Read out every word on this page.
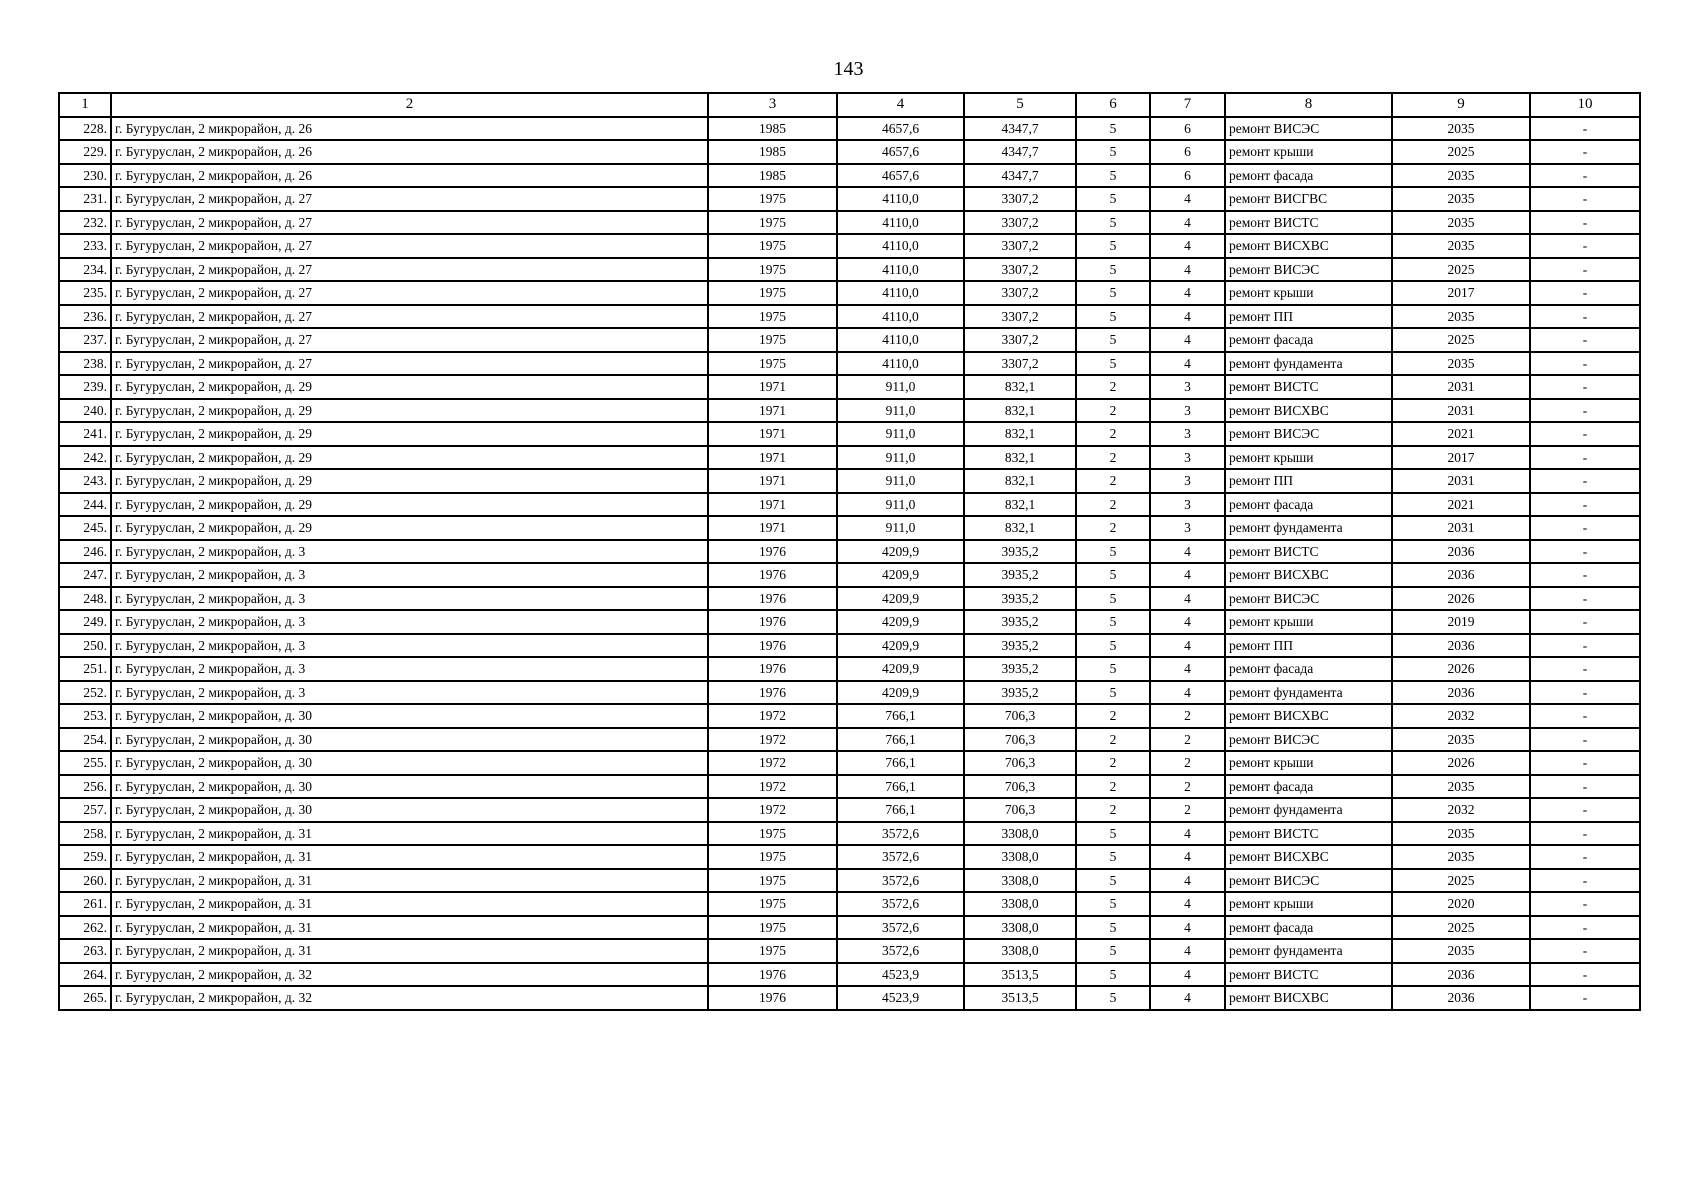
143
1	2	3	4	5	6	7	8	9	10
228.	г. Бугуруслан, 2 микрорайон, д. 26	1985	4657,6	4347,7	5	6	ремонт ВИСЭС	2035	-
229.	г. Бугуруслан, 2 микрорайон, д. 26	1985	4657,6	4347,7	5	6	ремонт крыши	2025	-
230.	г. Бугуруслан, 2 микрорайон, д. 26	1985	4657,6	4347,7	5	6	ремонт фасада	2035	-
231.	г. Бугуруслан, 2 микрорайон, д. 27	1975	4110,0	3307,2	5	4	ремонт ВИСГВС	2035	-
232.	г. Бугуруслан, 2 микрорайон, д. 27	1975	4110,0	3307,2	5	4	ремонт ВИСТС	2035	-
233.	г. Бугуруслан, 2 микрорайон, д. 27	1975	4110,0	3307,2	5	4	ремонт ВИСХВС	2035	-
234.	г. Бугуруслан, 2 микрорайон, д. 27	1975	4110,0	3307,2	5	4	ремонт ВИСЭС	2025	-
235.	г. Бугуруслан, 2 микрорайон, д. 27	1975	4110,0	3307,2	5	4	ремонт крыши	2017	-
236.	г. Бугуруслан, 2 микрорайон, д. 27	1975	4110,0	3307,2	5	4	ремонт ПП	2035	-
237.	г. Бугуруслан, 2 микрорайон, д. 27	1975	4110,0	3307,2	5	4	ремонт фасада	2025	-
238.	г. Бугуруслан, 2 микрорайон, д. 27	1975	4110,0	3307,2	5	4	ремонт фундамента	2035	-
239.	г. Бугуруслан, 2 микрорайон, д. 29	1971	911,0	832,1	2	3	ремонт ВИСТС	2031	-
240.	г. Бугуруслан, 2 микрорайон, д. 29	1971	911,0	832,1	2	3	ремонт ВИСХВС	2031	-
241.	г. Бугуруслан, 2 микрорайон, д. 29	1971	911,0	832,1	2	3	ремонт ВИСЭС	2021	-
242.	г. Бугуруслан, 2 микрорайон, д. 29	1971	911,0	832,1	2	3	ремонт крыши	2017	-
243.	г. Бугуруслан, 2 микрорайон, д. 29	1971	911,0	832,1	2	3	ремонт ПП	2031	-
244.	г. Бугуруслан, 2 микрорайон, д. 29	1971	911,0	832,1	2	3	ремонт фасада	2021	-
245.	г. Бугуруслан, 2 микрорайон, д. 29	1971	911,0	832,1	2	3	ремонт фундамента	2031	-
246.	г. Бугуруслан, 2 микрорайон, д. 3	1976	4209,9	3935,2	5	4	ремонт ВИСТС	2036	-
247.	г. Бугуруслан, 2 микрорайон, д. 3	1976	4209,9	3935,2	5	4	ремонт ВИСХВС	2036	-
248.	г. Бугуруслан, 2 микрорайон, д. 3	1976	4209,9	3935,2	5	4	ремонт ВИСЭС	2026	-
249.	г. Бугуруслан, 2 микрорайон, д. 3	1976	4209,9	3935,2	5	4	ремонт крыши	2019	-
250.	г. Бугуруслан, 2 микрорайон, д. 3	1976	4209,9	3935,2	5	4	ремонт ПП	2036	-
251.	г. Бугуруслан, 2 микрорайон, д. 3	1976	4209,9	3935,2	5	4	ремонт фасада	2026	-
252.	г. Бугуруслан, 2 микрорайон, д. 3	1976	4209,9	3935,2	5	4	ремонт фундамента	2036	-
253.	г. Бугуруслан, 2 микрорайон, д. 30	1972	766,1	706,3	2	2	ремонт ВИСХВС	2032	-
254.	г. Бугуруслан, 2 микрорайон, д. 30	1972	766,1	706,3	2	2	ремонт ВИСЭС	2035	-
255.	г. Бугуруслан, 2 микрорайон, д. 30	1972	766,1	706,3	2	2	ремонт крыши	2026	-
256.	г. Бугуруслан, 2 микрорайон, д. 30	1972	766,1	706,3	2	2	ремонт фасада	2035	-
257.	г. Бугуруслан, 2 микрорайон, д. 30	1972	766,1	706,3	2	2	ремонт фундамента	2032	-
258.	г. Бугуруслан, 2 микрорайон, д. 31	1975	3572,6	3308,0	5	4	ремонт ВИСТС	2035	-
259.	г. Бугуруслан, 2 микрорайон, д. 31	1975	3572,6	3308,0	5	4	ремонт ВИСХВС	2035	-
260.	г. Бугуруслан, 2 микрорайон, д. 31	1975	3572,6	3308,0	5	4	ремонт ВИСЭС	2025	-
261.	г. Бугуруслан, 2 микрорайон, д. 31	1975	3572,6	3308,0	5	4	ремонт крыши	2020	-
262.	г. Бугуруслан, 2 микрорайон, д. 31	1975	3572,6	3308,0	5	4	ремонт фасада	2025	-
263.	г. Бугуруслан, 2 микрорайон, д. 31	1975	3572,6	3308,0	5	4	ремонт фундамента	2035	-
264.	г. Бугуруслан, 2 микрорайон, д. 32	1976	4523,9	3513,5	5	4	ремонт ВИСТС	2036	-
265.	г. Бугуруслан, 2 микрорайон, д. 32	1976	4523,9	3513,5	5	4	ремонт ВИСХВС	2036	-
